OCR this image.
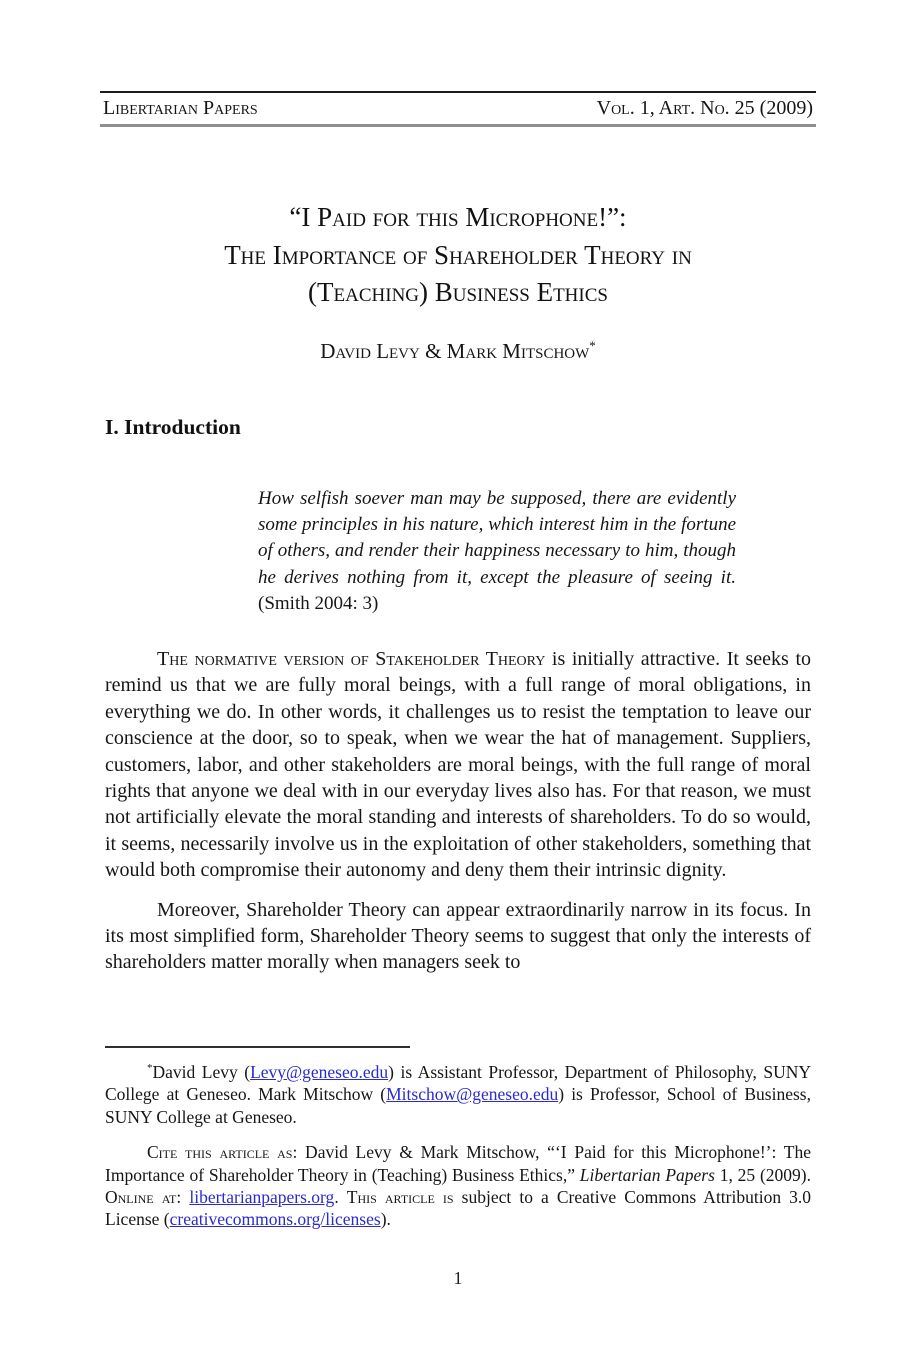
Libertarian Papers	Vol. 1, Art. No. 25 (2009)
“I Paid for this Microphone!”:
The Importance of Shareholder Theory in
(Teaching) Business Ethics
David Levy & Mark Mitschow*
I. Introduction
How selfish soever man may be supposed, there are evidently some principles in his nature, which interest him in the fortune of others, and render their happiness necessary to him, though he derives nothing from it, except the pleasure of seeing it. (Smith 2004: 3)

The normative version of Stakeholder Theory is initially attractive. It seeks to remind us that we are fully moral beings, with a full range of moral obligations, in everything we do. In other words, it challenges us to resist the temptation to leave our conscience at the door, so to speak, when we wear the hat of management. Suppliers, customers, labor, and other stakeholders are moral beings, with the full range of moral rights that anyone we deal with in our everyday lives also has. For that reason, we must not artificially elevate the moral standing and interests of shareholders. To do so would, it seems, necessarily involve us in the exploitation of other stakeholders, something that would both compromise their autonomy and deny them their intrinsic dignity.

Moreover, Shareholder Theory can appear extraordinarily narrow in its focus. In its most simplified form, Shareholder Theory seems to suggest that only the interests of shareholders matter morally when managers seek to

*David Levy (Levy@geneseo.edu) is Assistant Professor, Department of Philosophy, SUNY College at Geneseo. Mark Mitschow (Mitschow@geneseo.edu) is Professor, School of Business, SUNY College at Geneseo.

Cite this article as: David Levy & Mark Mitschow, “‘I Paid for this Microphone!’: The Importance of Shareholder Theory in (Teaching) Business Ethics,” Libertarian Papers 1, 25 (2009). Online at: libertarianpapers.org. This article is subject to a Creative Commons Attribution 3.0 License (creativecommons.org/licenses).

1
